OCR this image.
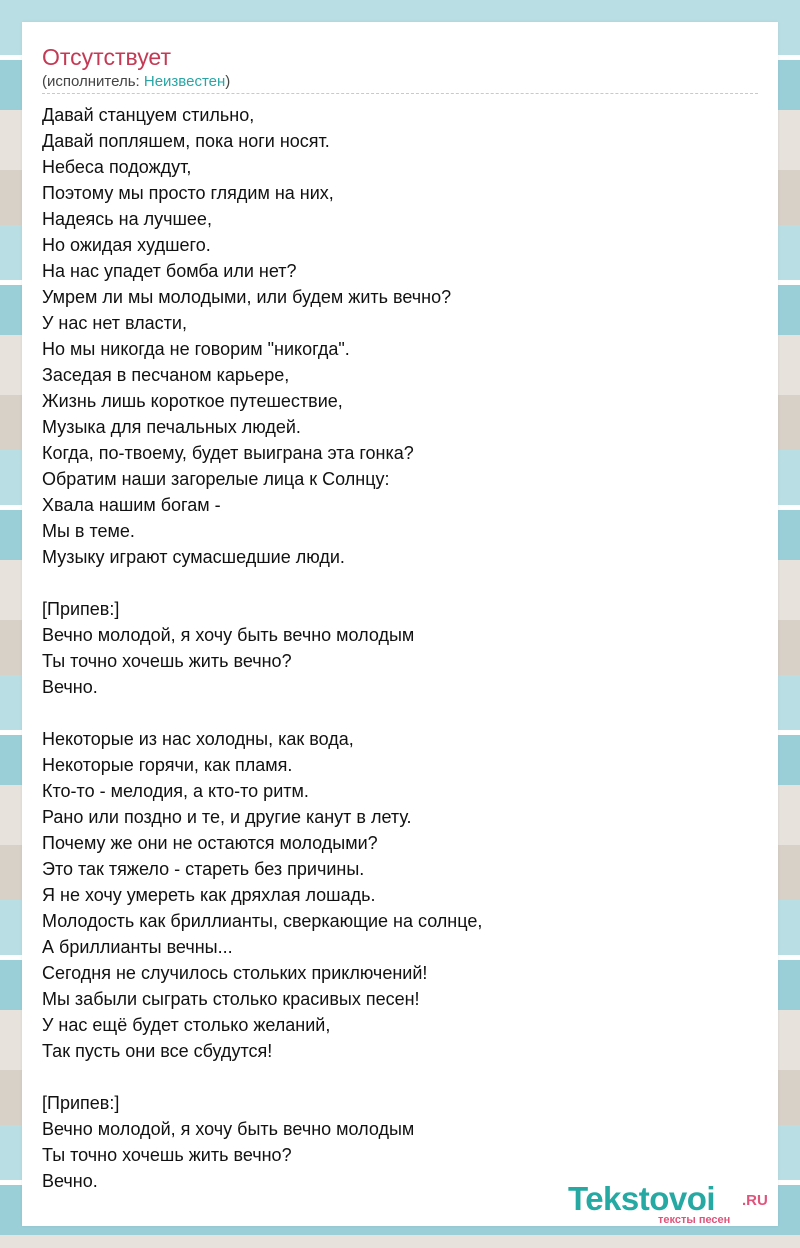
Отсутствует
(исполнитель: Неизвестен)
Давай станцуем стильно,
Давай попляшем, пока ноги носят.
Небеса подождут,
Поэтому мы просто глядим на них,
Надеясь на лучшее,
Но ожидая худшего.
На нас упадет бомба или нет?
Умрем ли мы молодыми, или будем жить вечно?
У нас нет власти,
Но мы никогда не говорим "никогда".
Заседая в песчаном карьере,
Жизнь лишь короткое путешествие,
Музыка для печальных людей.
Когда, по-твоему, будет выиграна эта гонка?
Обратим наши загорелые лица к Солнцу:
Хвала нашим богам -
Мы в теме.
Музыку играют сумасшедшие люди.
[Припев:]
Вечно молодой, я хочу быть вечно молодым
Ты точно хочешь жить вечно?
Вечно.
Некоторые из нас холодны, как вода,
Некоторые горячи, как пламя.
Кто-то - мелодия, а кто-то ритм.
Рано или поздно и те, и другие канут в лету.
Почему же они не остаются молодыми?
Это так тяжело - стареть без причины.
Я не хочу умереть как дряхлая лошадь.
Молодость как бриллианты, сверкающие на солнце,
А бриллианты вечны...
Сегодня не случилось стольких приключений!
Мы забыли сыграть столько красивых песен!
У нас ещё будет столько желаний,
Так пусть они все сбудутся!
[Припев:]
Вечно молодой, я хочу быть вечно молодым
Ты точно хочешь жить вечно?
Вечно.	Tekstovoi .RU
тексты песен
